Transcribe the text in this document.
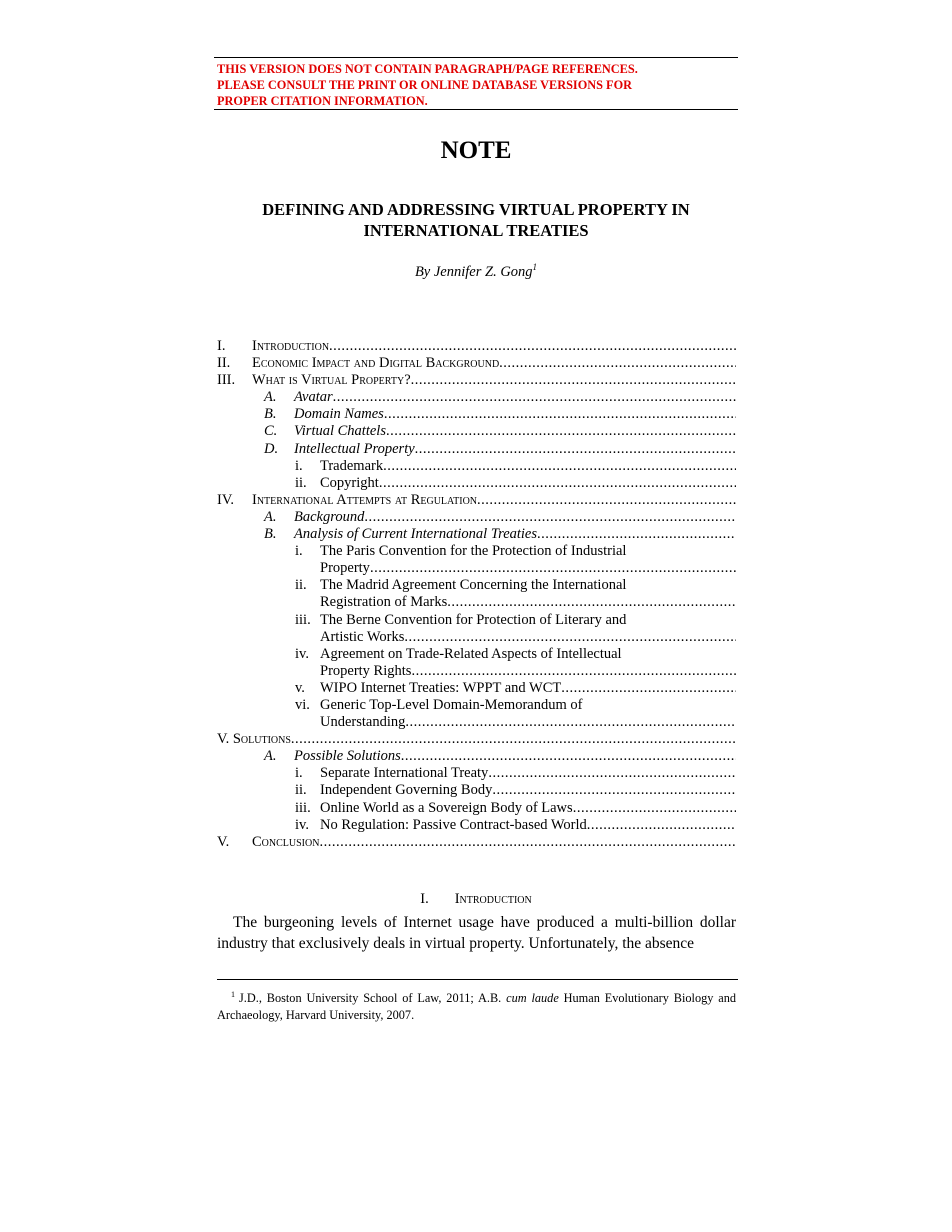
THIS VERSION DOES NOT CONTAIN PARAGRAPH/PAGE REFERENCES.
PLEASE CONSULT THE PRINT OR ONLINE DATABASE VERSIONS FOR
PROPER CITATION INFORMATION.
NOTE
DEFINING AND ADDRESSING VIRTUAL PROPERTY IN
INTERNATIONAL TREATIES
By Jennifer Z. Gong$^1$
I. Introduction
.....
II. Economic Impact and Digital Background
.....
III. What is Virtual Property?
.....
A. Avatar
.....
B. Domain Names
.....
C. Virtual Chattels
.....
D. Intellectual Property
.....
i. Trademark
.....
ii. Copyright
.....
IV. International Attempts at Regulation
.....
A. Background
.....
B. Analysis of Current International Treaties
.....
i. The Paris Convention for the Protection of Industrial
Property
.....
ii. The Madrid Agreement Concerning the International
Registration of Marks
.....
iii. The Berne Convention for Protection of Literary and
Artistic Works
.....
iv. Agreement on Trade-Related Aspects of Intellectual
Property Rights
.....
v. WIPO Internet Treaties: WPPT and WCT
.....
vi. Generic Top-Level Domain-Memorandum of
Understanding
.....
V. Solutions
.....
A. Possible Solutions
.....
i. Separate International Treaty
.....
ii. Independent Governing Body
.....
iii. Online World as a Sovereign Body of Laws
.....
iv. No Regulation: Passive Contract-based World
.....
V. Conclusion
.....
I. Introduction
The burgeoning levels of Internet usage have produced a multi-billion dollar industry that exclusively deals in virtual property. Unfortunately, the absence
$^1$ J.D., Boston University School of Law, 2011; A.B. cum laude Human Evolutionary Biology and Archaeology, Harvard University, 2007.
